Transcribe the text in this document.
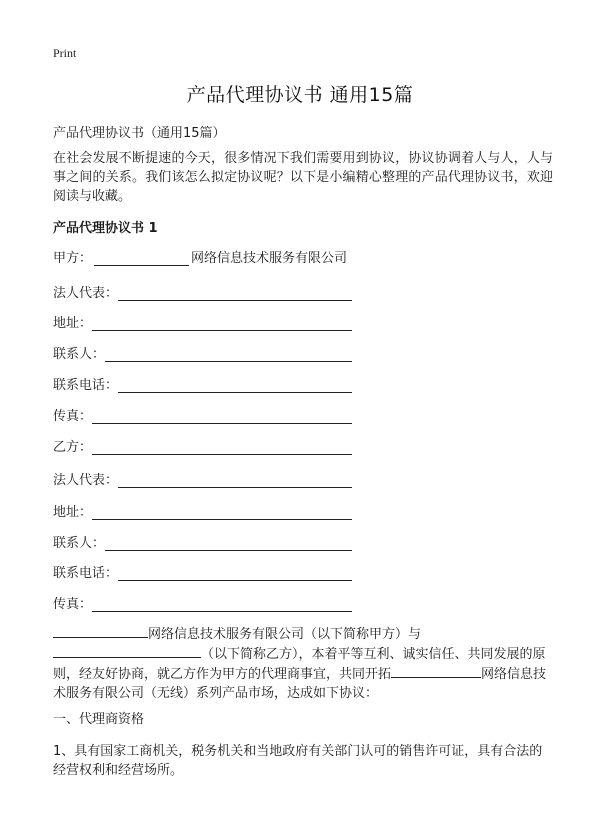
Print
产品代理协议书 通用15篇
产品代理协议书（通用15篇）
在社会发展不断提速的今天，很多情况下我们需要用到协议，协议协调着人与人，人与事之间的关系。我们该怎么拟定协议呢？以下是小编精心整理的产品代理协议书，欢迎阅读与收藏。
产品代理协议书 1
甲方：	网络信息技术服务有限公司
法人代表：
地址：
联系人：
联系电话：
传真：
乙方：
法人代表：
地址：
联系人：
联系电话：
传真：
网络信息技术服务有限公司（以下简称甲方）与
（以下简称乙方），本着平等互利、诚实信任、共同发展的原则，经友好协商，就乙方作为甲方的代理商事宜，共同开拓	网络信息技术服务有限公司（无线）系列产品市场，达成如下协议：
一、代理商资格
1、具有国家工商机关，税务机关和当地政府有关部门认可的销售许可证，具有合法的经营权利和经营场所。
